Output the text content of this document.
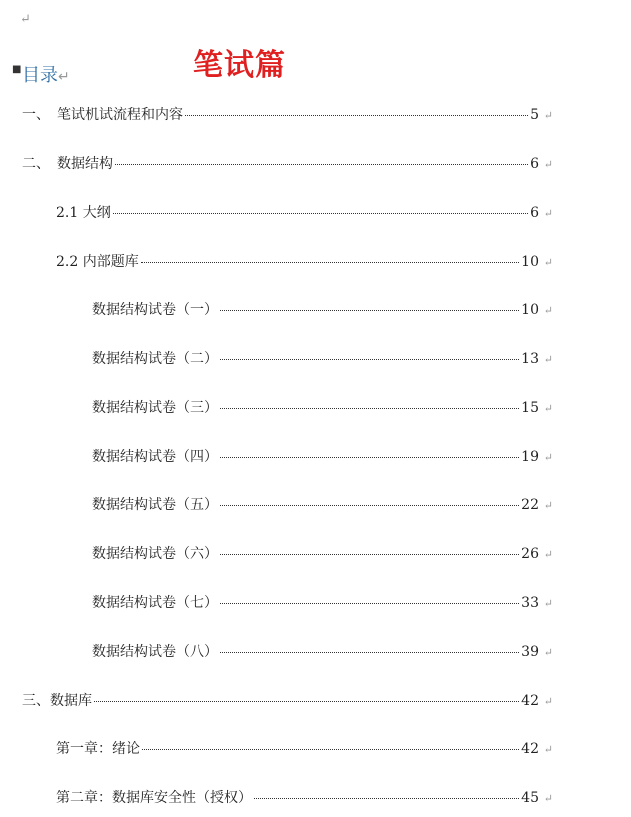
↵
■ 目录↵	笔试篇
一、　笔试机试流程和内容	5 ↵
二、　数据结构	6 ↵
2.1 大纲	6 ↵
2.2 内部题库	10 ↵
数据结构试卷（一）	10 ↵
数据结构试卷（二）	13 ↵
数据结构试卷（三）	15 ↵
数据结构试卷（四）	19 ↵
数据结构试卷（五）	22 ↵
数据结构试卷（六）	26 ↵
数据结构试卷（七）	33 ↵
数据结构试卷（八）	39 ↵
三、数据库	42 ↵
第一章：绪论	42 ↵
第二章：数据库安全性（授权）	45 ↵
